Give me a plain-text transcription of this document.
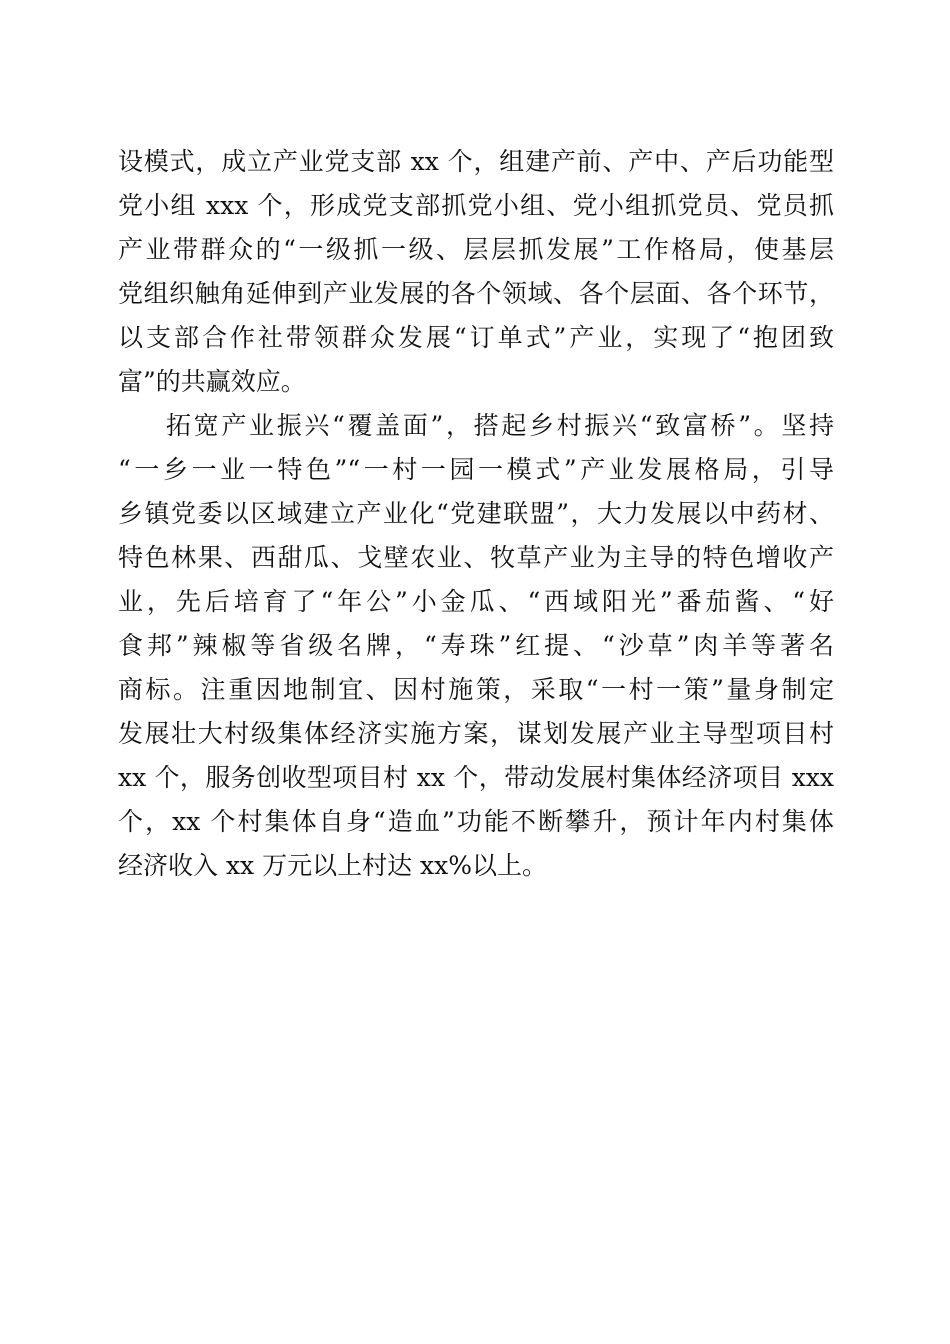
设模式，成立产业党支部 xx 个，组建产前、产中、产后功能型
党小组 xxx 个，形成党支部抓党小组、党小组抓党员、党员抓
产业带群众的“一级抓一级、层层抓发展”工作格局，使基层
党组织触角延伸到产业发展的各个领域、各个层面、各个环节，
以支部合作社带领群众发展“订单式”产业，实现了“抱团致
富”的共赢效应。
拓宽产业振兴“覆盖面”，搭起乡村振兴“致富桥”。坚持
“一乡一业一特色”“一村一园一模式”产业发展格局，引导
乡镇党委以区域建立产业化“党建联盟”，大力发展以中药材、
特色林果、西甜瓜、戈壁农业、牧草产业为主导的特色增收产
业，先后培育了“年公”小金瓜、“西域阳光”番茄酱、“好
食邦”辣椒等省级名牌，“寿珠”红提、“沙草”肉羊等著名
商标。注重因地制宜、因村施策，采取“一村一策”量身制定
发展壮大村级集体经济实施方案，谋划发展产业主导型项目村
xx 个，服务创收型项目村 xx 个，带动发展村集体经济项目 xxx
个，xx 个村集体自身“造血”功能不断攀升，预计年内村集体
经济收入 xx 万元以上村达 xx%以上。
